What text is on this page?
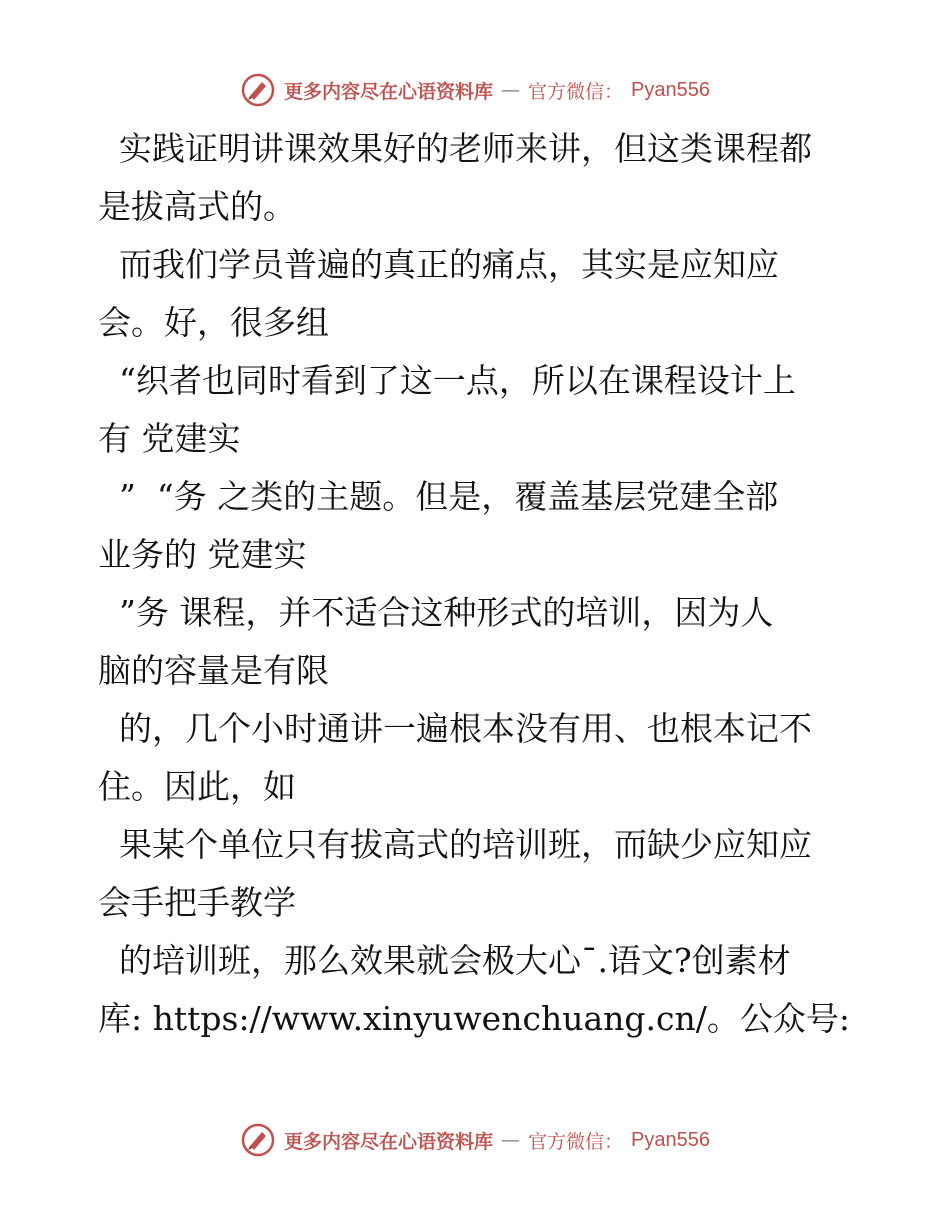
更多内容尽在心语资料库 — 官方微信： Pyan556
实践证明讲课效果好的老师来讲，但这类课程都
是拔高式的。
而我们学员普遍的真正的痛点，其实是应知应
会。好，很多组
“织者也同时看到了这一点，所以在课程设计上
有 党建实
”  “务 之类的主题。但是，覆盖基层党建全部
业务的 党建实
”务 课程，并不适合这种形式的培训，因为人
脑的容量是有限
的，几个小时通讲一遍根本没有用、也根本记不
住。因此，如
果某个单位只有拔高式的培训班，而缺少应知应
会手把手教学
的培训班，那么效果就会极大心¯.语文?创素材
库: https://www.xinyuwenchuang.cn/。公众号:
更多内容尽在心语资料库 — 官方微信： Pyan556
